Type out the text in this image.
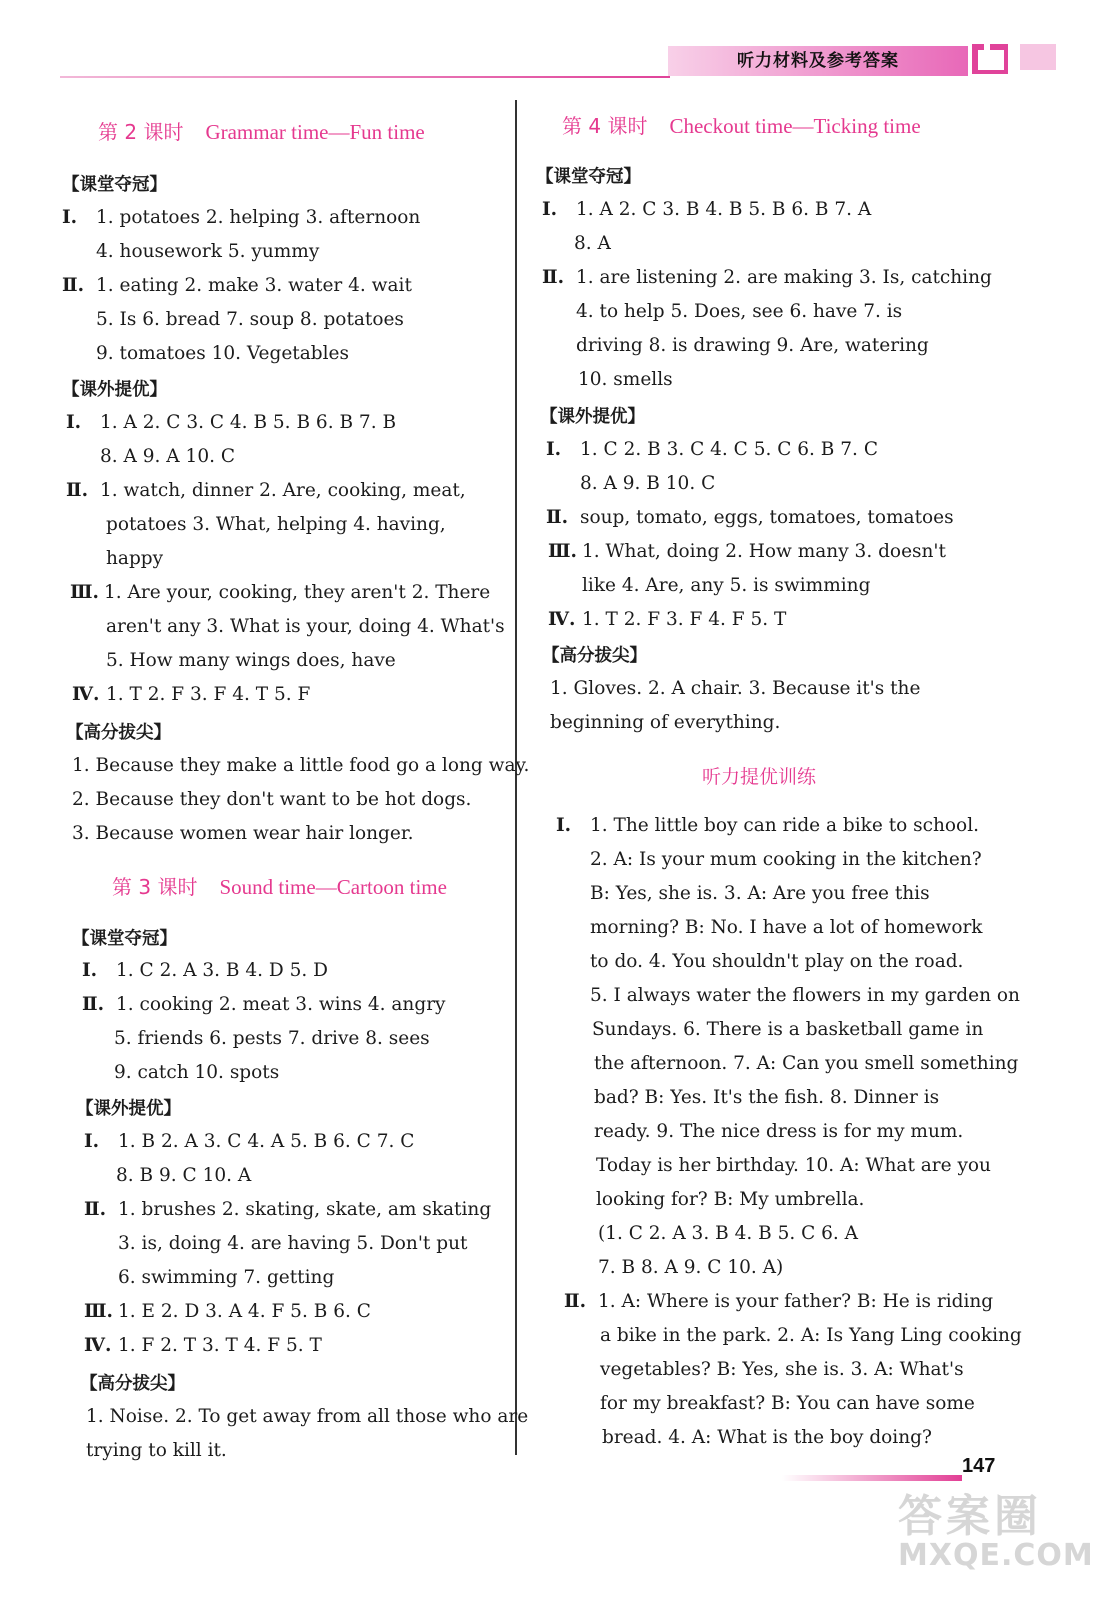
听力材料及参考答案
第 2 课时 Grammar time—Fun time
【课堂夺冠】
Ⅰ. 1. potatoes 2. helping 3. afternoon
4. housework 5. yummy
Ⅱ. 1. eating 2. make 3. water 4. wait
5. Is 6. bread 7. soup 8. potatoes
9. tomatoes 10. Vegetables
【课外提优】
Ⅰ. 1. A 2. C 3. C 4. B 5. B 6. B 7. B
8. A 9. A 10. C
Ⅱ. 1. watch, dinner 2. Are, cooking, meat,
potatoes 3. What, helping 4. having,
happy
Ⅲ. 1. Are your, cooking, they aren't 2. There
aren't any 3. What is your, doing 4. What's
5. How many wings does, have
Ⅳ. 1. T 2. F 3. F 4. T 5. F
【高分拔尖】
1. Because they make a little food go a long way.
2. Because they don't want to be hot dogs.
3. Because women wear hair longer.
第 3 课时 Sound time—Cartoon time
【课堂夺冠】
Ⅰ. 1. C 2. A 3. B 4. D 5. D
Ⅱ. 1. cooking 2. meat 3. wins 4. angry
5. friends 6. pests 7. drive 8. sees
9. catch 10. spots
【课外提优】
Ⅰ. 1. B 2. A 3. C 4. A 5. B 6. C 7. C
8. B 9. C 10. A
Ⅱ. 1. brushes 2. skating, skate, am skating
3. is, doing 4. are having 5. Don't put
6. swimming 7. getting
Ⅲ. 1. E 2. D 3. A 4. F 5. B 6. C
Ⅳ. 1. F 2. T 3. T 4. F 5. T
【高分拔尖】
1. Noise. 2. To get away from all those who are
trying to kill it.
第 4 课时 Checkout time—Ticking time
【课堂夺冠】
Ⅰ. 1. A 2. C 3. B 4. B 5. B 6. B 7. A
8. A
Ⅱ. 1. are listening 2. are making 3. Is, catching
4. to help 5. Does, see 6. have 7. is
driving 8. is drawing 9. Are, watering
10. smells
【课外提优】
Ⅰ. 1. C 2. B 3. C 4. C 5. C 6. B 7. C
8. A 9. B 10. C
Ⅱ. soup, tomato, eggs, tomatoes, tomatoes
Ⅲ. 1. What, doing 2. How many 3. doesn't
like 4. Are, any 5. is swimming
Ⅳ. 1. T 2. F 3. F 4. F 5. T
【高分拔尖】
1. Gloves. 2. A chair. 3. Because it's the
beginning of everything.
听力提优训练
Ⅰ. 1. The little boy can ride a bike to school.
2. A: Is your mum cooking in the kitchen?
B: Yes, she is. 3. A: Are you free this
morning? B: No. I have a lot of homework
to do. 4. You shouldn't play on the road.
5. I always water the flowers in my garden on
Sundays. 6. There is a basketball game in
the afternoon. 7. A: Can you smell something
bad? B: Yes. It's the fish. 8. Dinner is
ready. 9. The nice dress is for my mum.
Today is her birthday. 10. A: What are you
looking for? B: My umbrella.
(1. C 2. A 3. B 4. B 5. C 6. A
7. B 8. A 9. C 10. A)
Ⅱ. 1. A: Where is your father? B: He is riding
a bike in the park. 2. A: Is Yang Ling cooking
vegetables? B: Yes, she is. 3. A: What's
for my breakfast? B: You can have some
bread. 4. A: What is the boy doing?
147
答案圈
MXQE.COM
